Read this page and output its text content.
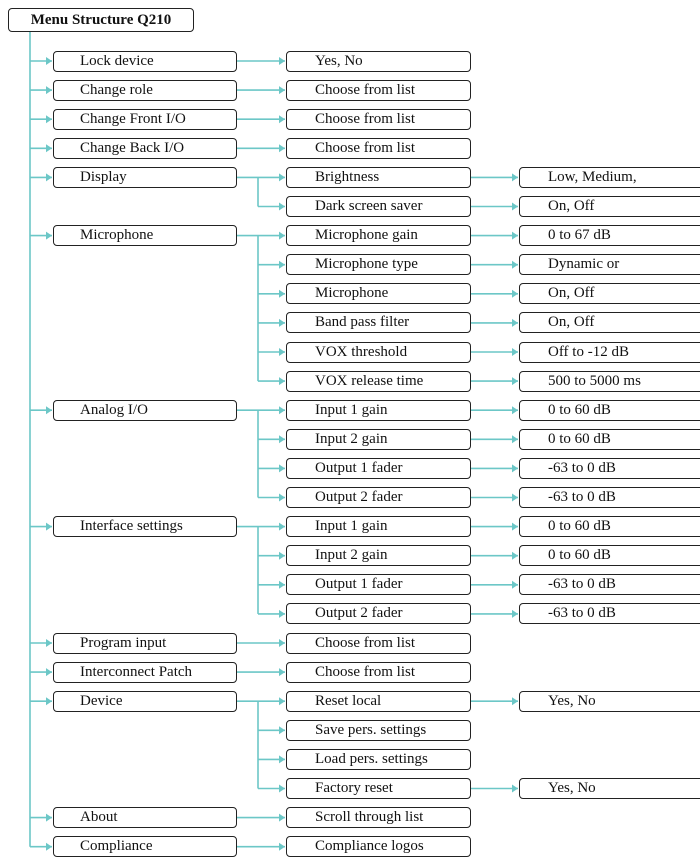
Menu Structure Q210
Lock device	Yes, No
Change role	Choose from list
Change Front I/O	Choose from list
Change Back I/O	Choose from list
Display	Brightness	Low, Medium,
Dark screen saver	On, Off
Microphone	Microphone gain	0 to 67 dB
Microphone type	Dynamic or
Microphone	On, Off
Band pass filter	On, Off
VOX threshold	Off to -12 dB
VOX release time	500 to 5000 ms
Analog I/O	Input 1 gain	0 to 60 dB
Input 2 gain	0 to 60 dB
Output 1 fader	-63 to 0 dB
Output 2 fader	-63 to 0 dB
Interface settings	Input 1 gain	0 to 60 dB
Input 2 gain	0 to 60 dB
Output 1 fader	-63 to 0 dB
Output 2 fader	-63 to 0 dB
Program input	Choose from list
Interconnect Patch	Choose from list
Device	Reset local	Yes, No
Save pers. settings
Load pers. settings
Factory reset	Yes, No
About	Scroll through list
Compliance	Compliance logos
